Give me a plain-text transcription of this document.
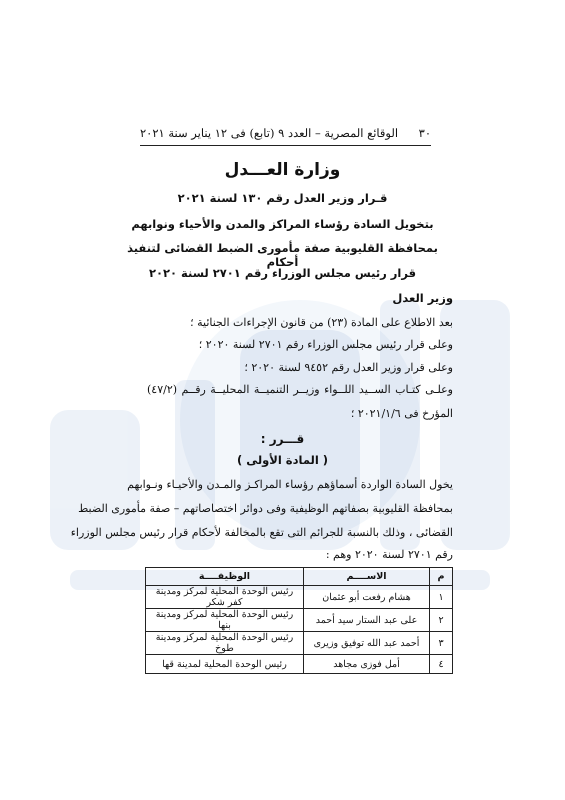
٣٠
الوقائع المصرية – العدد ٩ (تابع) فى ١٢ يناير سنة ٢٠٢١
وزارة العـــدل
قـرار وزير العدل رقم ١٣٠ لسنة ٢٠٢١
بتخويل السادة رؤساء المراكز والمدن والأحياء ونوابهم
بمحافظة القليوبية صفة مأمورى الضبط القضائى لتنفيذ أحكام
قرار رئيس مجلس الوزراء رقم ٢٧٠١ لسنة ٢٠٢٠
وزير العدل
بعد الاطلاع على المادة (٢٣) من قانون الإجراءات الجنائية ؛
وعلى قرار رئيس مجلس الوزراء رقم ٢٧٠١ لسنة ٢٠٢٠ ؛
وعلى قرار وزير العدل رقم ٩٤٥٢ لسنة ٢٠٢٠ ؛
وعلـى كتـاب الســيد اللــواء وزيــر التنميــة المحليــة رقــم (٤٧/٢)
المؤرخ فى ٢٠٢١/١/٦ ؛
قـــرر :
( المادة الأولى )
يخول السادة الواردة أسماؤهم رؤساء المراكـز والمـدن والأحيـاء ونـوابهم
بمحافظة القليوبية بصفاتهم الوظيفية وفى دوائر اختصاصاتهم – صفة مأمورى الضبط
القضائى ، وذلك بالنسبة للجرائم التى تقع بالمخالفة لأحكام قرار رئيس مجلس الوزراء
رقم ٢٧٠١ لسنة ٢٠٢٠ وهم :
م	الاســــم	الوظيفــــة
١	هشام رفعت أبو عثمان	رئيس الوحدة المحلية لمركز ومدينة كفر شكر
٢	على عبد الستار سيد أحمد	رئيس الوحدة المحلية لمركز ومدينة بنها
٣	أحمد عبد الله توفيق وزيرى	رئيس الوحدة المحلية لمركز ومدينة طوخ
٤	أمل فوزى مجاهد	رئيس الوحدة المحلية لمدينة قها
